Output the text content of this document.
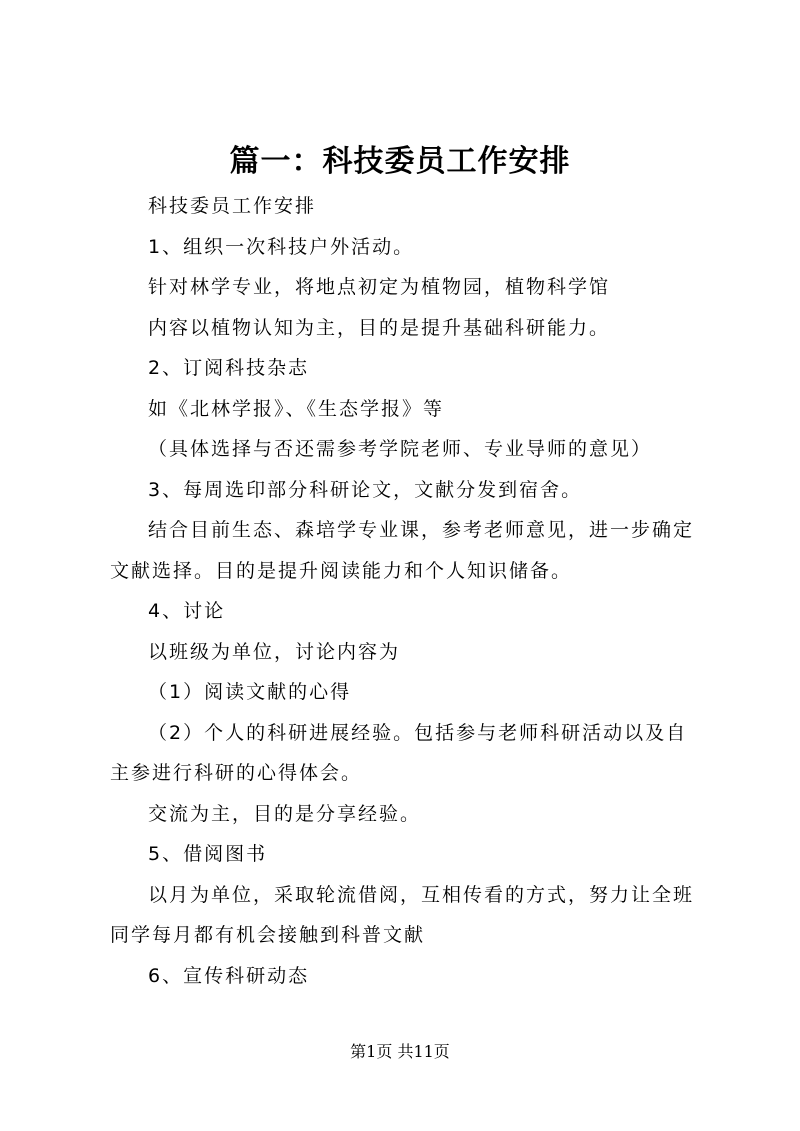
篇一：科技委员工作安排

科技委员工作安排

1、组织一次科技户外活动。

针对林学专业，将地点初定为植物园，植物科学馆

内容以植物认知为主，目的是提升基础科研能力。

2、订阅科技杂志

如《北林学报》、《生态学报》等

（具体选择与否还需参考学院老师、专业导师的意见）

3、每周选印部分科研论文，文献分发到宿舍。

结合目前生态、森培学专业课，参考老师意见，进一步确定文献选择。目的是提升阅读能力和个人知识储备。

4、讨论

以班级为单位，讨论内容为

（1）阅读文献的心得

（2）个人的科研进展经验。包括参与老师科研活动以及自主参进行科研的心得体会。

交流为主，目的是分享经验。

5、借阅图书

以月为单位，采取轮流借阅，互相传看的方式，努力让全班同学每月都有机会接触到科普文献

6、宣传科研动态

第1页 共11页
